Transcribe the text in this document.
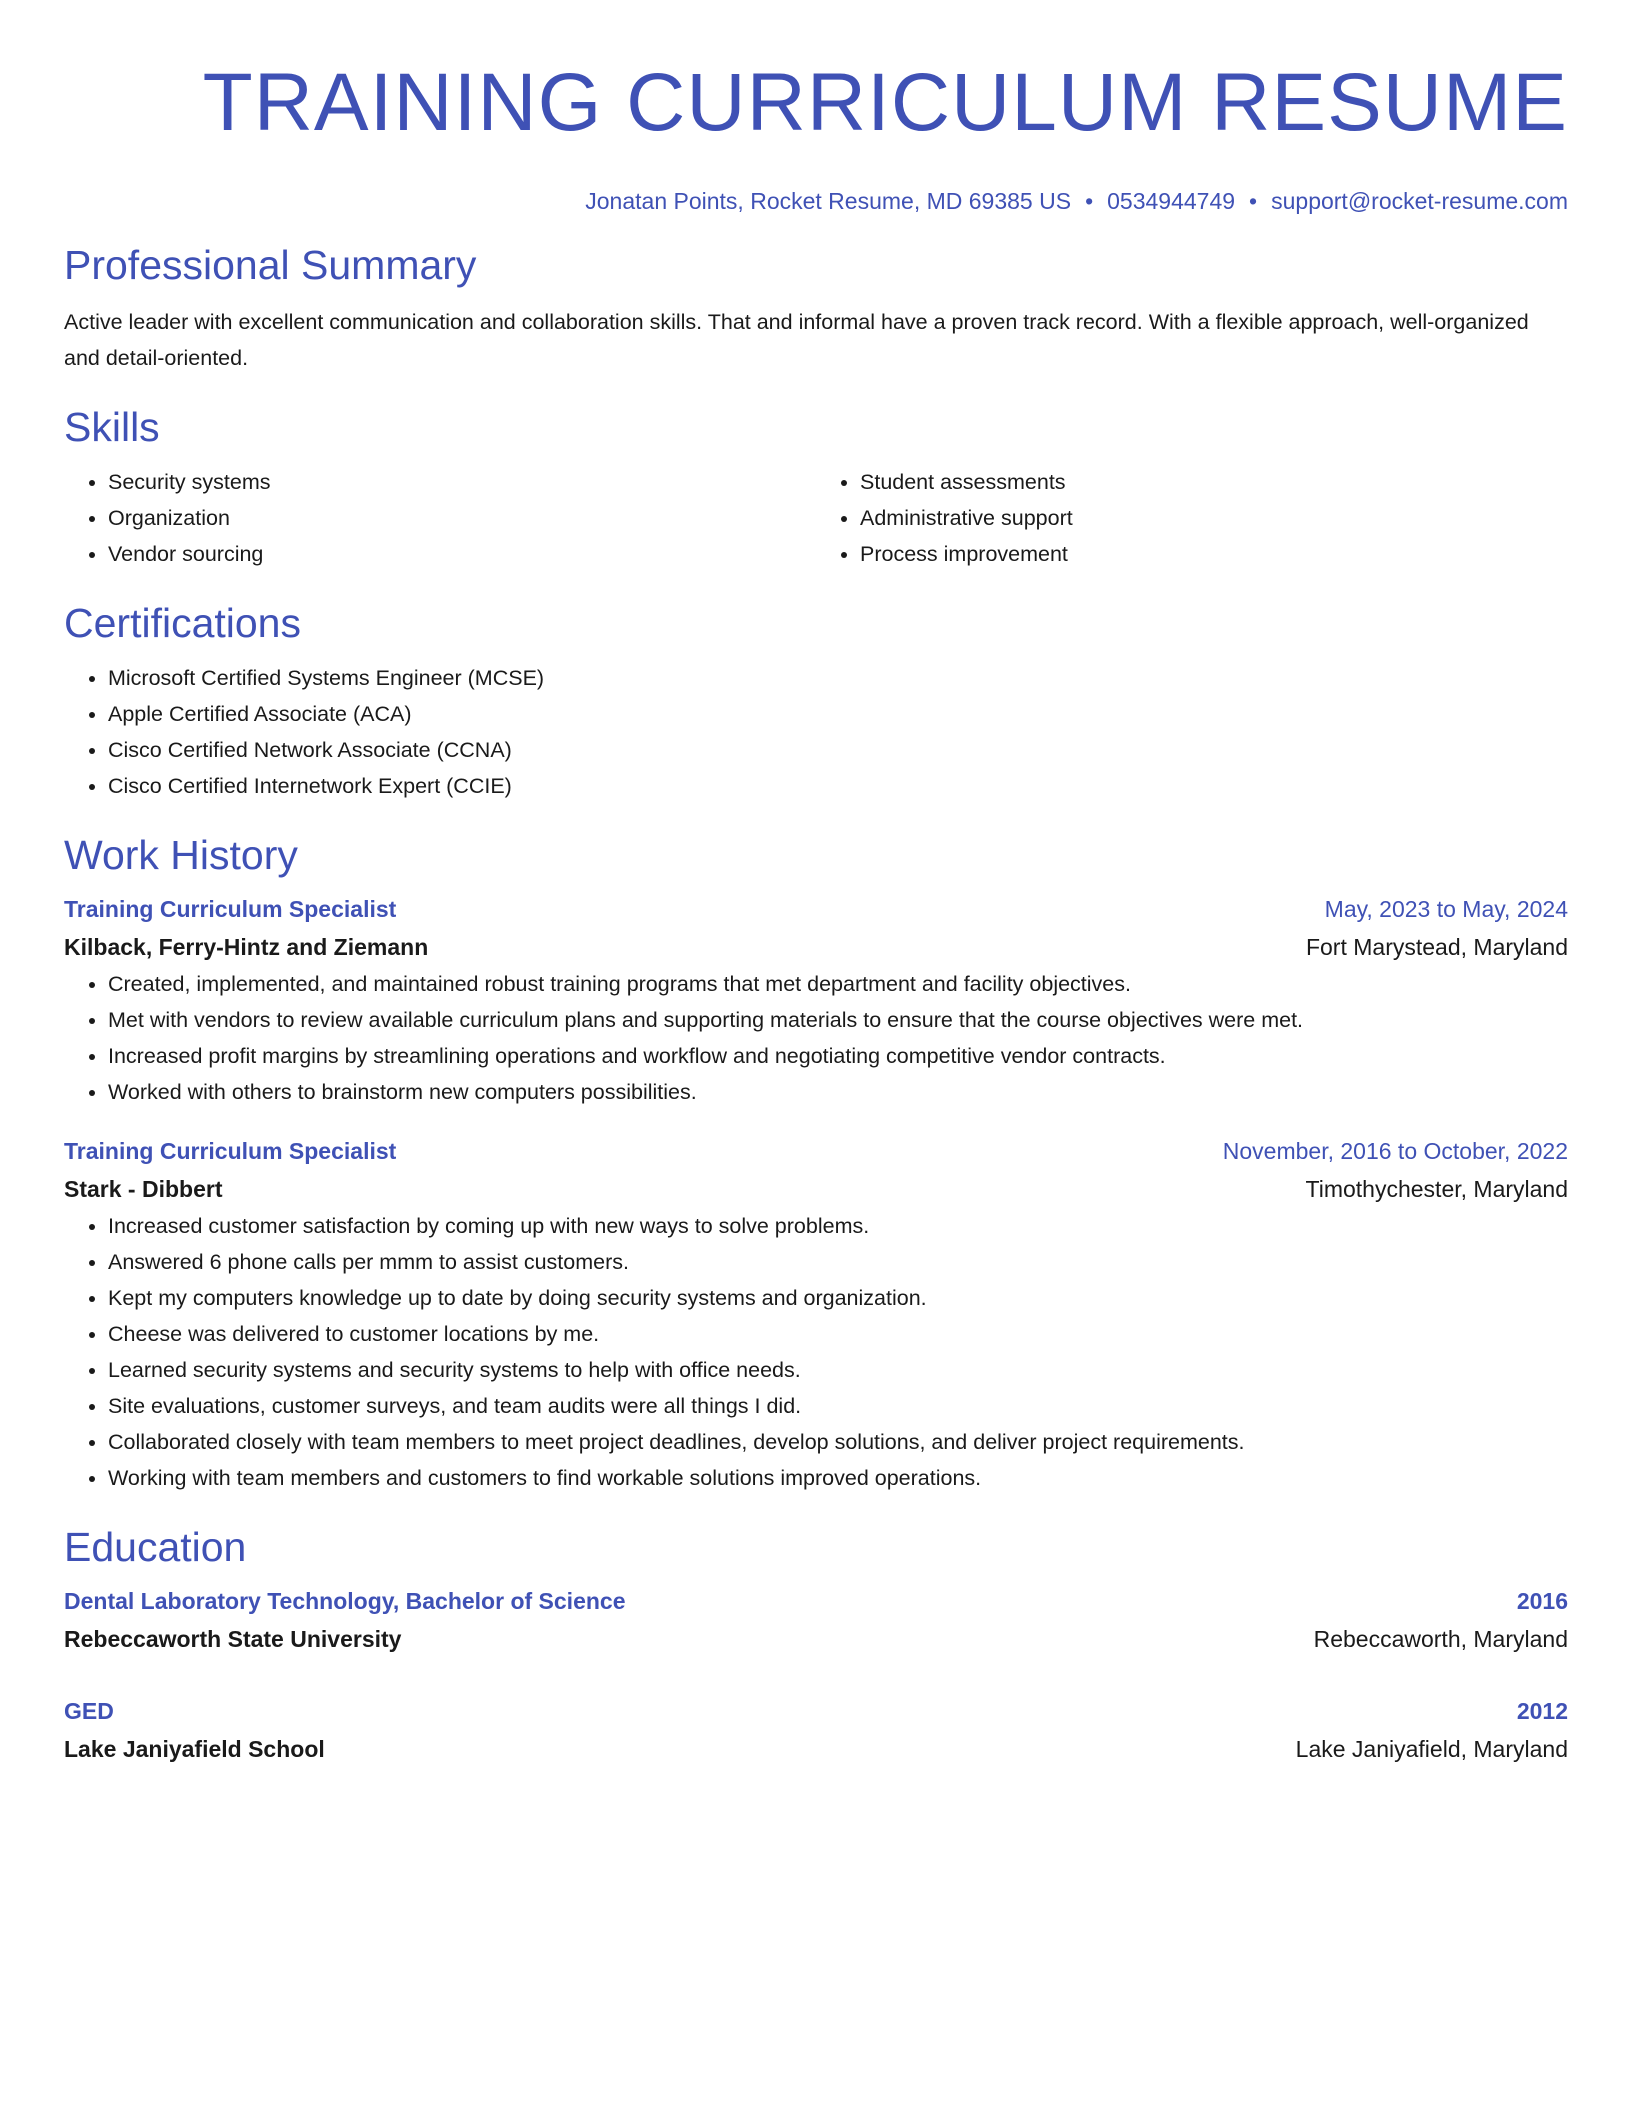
TRAINING CURRICULUM RESUME
Jonatan Points, Rocket Resume, MD 69385 US • 0534944749 • support@rocket-resume.com
Professional Summary
Active leader with excellent communication and collaboration skills. That and informal have a proven track record. With a flexible approach, well-organized and detail-oriented.
Skills
• Security systems
• Organization
• Vendor sourcing
• Student assessments
• Administrative support
• Process improvement
Certifications
• Microsoft Certified Systems Engineer (MCSE)
• Apple Certified Associate (ACA)
• Cisco Certified Network Associate (CCNA)
• Cisco Certified Internetwork Expert (CCIE)
Work History
Training Curriculum Specialist	May, 2023 to May, 2024
Kilback, Ferry-Hintz and Ziemann	Fort Marystead, Maryland
• Created, implemented, and maintained robust training programs that met department and facility objectives.
• Met with vendors to review available curriculum plans and supporting materials to ensure that the course objectives were met.
• Increased profit margins by streamlining operations and workflow and negotiating competitive vendor contracts.
• Worked with others to brainstorm new computers possibilities.
Training Curriculum Specialist	November, 2016 to October, 2022
Stark - Dibbert	Timothychester, Maryland
• Increased customer satisfaction by coming up with new ways to solve problems.
• Answered 6 phone calls per mmm to assist customers.
• Kept my computers knowledge up to date by doing security systems and organization.
• Cheese was delivered to customer locations by me.
• Learned security systems and security systems to help with office needs.
• Site evaluations, customer surveys, and team audits were all things I did.
• Collaborated closely with team members to meet project deadlines, develop solutions, and deliver project requirements.
• Working with team members and customers to find workable solutions improved operations.
Education
Dental Laboratory Technology, Bachelor of Science	2016
Rebeccaworth State University	Rebeccaworth, Maryland
GED	2012
Lake Janiyafield School	Lake Janiyafield, Maryland
